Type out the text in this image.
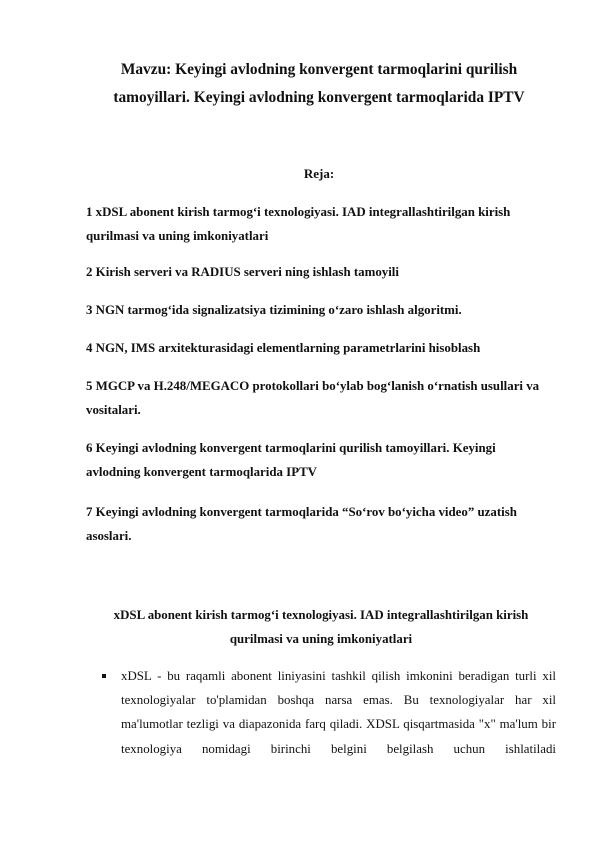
Mavzu: Keyingi avlodning konvergent tarmoqlarini qurilish tamoyillari. Keyingi avlodning konvergent tarmoqlarida IPTV
Reja:
1 xDSL abonent kirish tarmog‘i texnologiyasi. IAD integrallashtirilgan kirish qurilmasi va uning imkoniyatlari
2 Kirish serveri va RADIUS serveri ning ishlash tamoyili
3 NGN tarmog‘ida signalizatsiya tizimining o‘zaro ishlash algoritmi.
4 NGN, IMS arxitekturasidagi elementlarning parametrlarini hisoblash
5 MGCP va H.248/MEGACO protokollari bo‘ylab bog‘lanish o‘rnatish usullari va vositalari.
6 Keyingi avlodning konvergent tarmoqlarini qurilish tamoyillari. Keyingi avlodning konvergent tarmoqlarida IPTV
7 Keyingi avlodning konvergent tarmoqlarida “So‘rov bo‘yicha video” uzatish asoslari.
xDSL abonent kirish tarmog‘i texnologiyasi. IAD integrallashtirilgan kirish qurilmasi va uning imkoniyatlari
xDSL - bu raqamli abonent liniyasini tashkil qilish imkonini beradigan turli xil texnologiyalar to'plamidan boshqa narsa emas. Bu texnologiyalar har xil ma'lumotlar tezligi va diapazonida farq qiladi. XDSL qisqartmasida "x" ma'lum bir texnologiya nomidagi birinchi belgini belgilash uchun ishlatiladi
